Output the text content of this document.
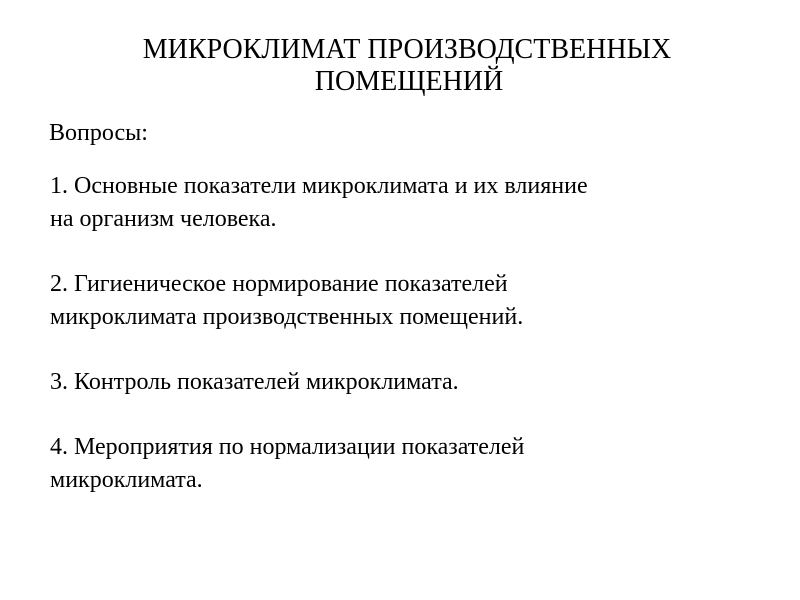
МИКРОКЛИМАТ ПРОИЗВОДСТВЕННЫХ
ПОМЕЩЕНИЙ

Вопросы:

1. Основные показатели микроклимата и их влияние
на организм человека.
2. Гигиеническое нормирование показателей
микроклимата производственных помещений.
3. Контроль показателей микроклимата.
4. Мероприятия по нормализации показателей
микроклимата.
